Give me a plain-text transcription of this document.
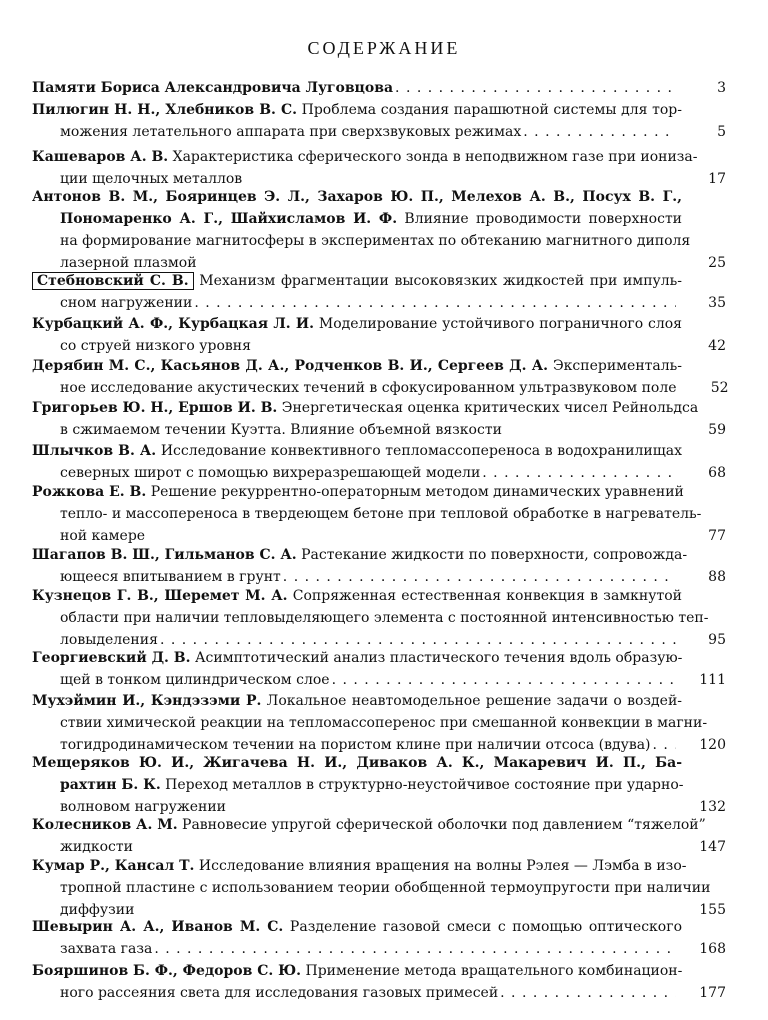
СОДЕРЖАНИЕ
Памяти Бориса Александровича Луговцова . . .	3
Пилюгин Н. Н., Хлебников В. С. Проблема создания парашютной системы для тор-
можения летательного аппарата при сверхзвуковых режимах . . .	5
Кашеваров А. В. Характеристика сферического зонда в неподвижном газе при иониза-
ции щелочных металлов	17
Антонов В. М., Бояринцев Э. Л., Захаров Ю. П., Мелехов А. В., Посух В. Г.,
Пономаренко А. Г., Шайхисламов И. Ф. Влияние проводимости поверхности
на формирование магнитосферы в экспериментах по обтеканию магнитного диполя
лазерной плазмой	25
Стебновский С. В. Механизм фрагментации высоковязких жидкостей при импуль-
сном нагружении . . .	35
Курбацкий А. Ф., Курбацкая Л. И. Моделирование устойчивого пограничного слоя
со струей низкого уровня	42
Дерябин М. С., Касьянов Д. А., Родченков В. И., Сергеев Д. А. Эксперименталь-
ное исследование акустических течений в сфокусированном ультразвуковом поле	52
Григорьев Ю. Н., Ершов И. В. Энергетическая оценка критических чисел Рейнольдса
в сжимаемом течении Куэтта. Влияние объемной вязкости	59
Шлычков В. А. Исследование конвективного тепломассопереноса в водохранилищах
северных широт с помощью вихреразрешающей модели . . .	68
Рожкова Е. В. Решение рекуррентно-операторным методом динамических уравнений
тепло- и массопереноса в твердеющем бетоне при тепловой обработке в нагреватель-
ной камере	77
Шагапов В. Ш., Гильманов С. А. Растекание жидкости по поверхности, сопровожда-
ющееся впитыванием в грунт . . .	88
Кузнецов Г. В., Шеремет М. А. Сопряженная естественная конвекция в замкнутой
области при наличии тепловыделяющего элемента с постоянной интенсивностью теп-
ловыделения . . .	95
Георгиевский Д. В. Асимптотический анализ пластического течения вдоль образую-
щей в тонком цилиндрическом слое . . .	111
Мухэймин И., Кэндэзэми Р. Локальное неавтомодельное решение задачи о воздей-
ствии химической реакции на тепломассоперенос при смешанной конвекции в магни-
тогидродинамическом течении на пористом клине при наличии отсоса (вдува) . . .	120
Мещеряков Ю. И., Жигачева Н. И., Диваков А. К., Макаревич И. П., Ба-
рахтин Б. К. Переход металлов в структурно-неустойчивое состояние при ударно-
волновом нагружении	132
Колесников А. М. Равновесие упругой сферической оболочки под давлением “тяжелой”
жидкости	147
Кумар Р., Кансал Т. Исследование влияния вращения на волны Рэлея — Лэмба в изо-
тропной пластине с использованием теории обобщенной термоупругости при наличии
диффузии	155
Шевырин А. А., Иванов М. С. Разделение газовой смеси с помощью оптического
захвата газа . . .	168
Бояршинов Б. Ф., Федоров С. Ю. Применение метода вращательного комбинацион-
ного рассеяния света для исследования газовых примесей . . .	177
